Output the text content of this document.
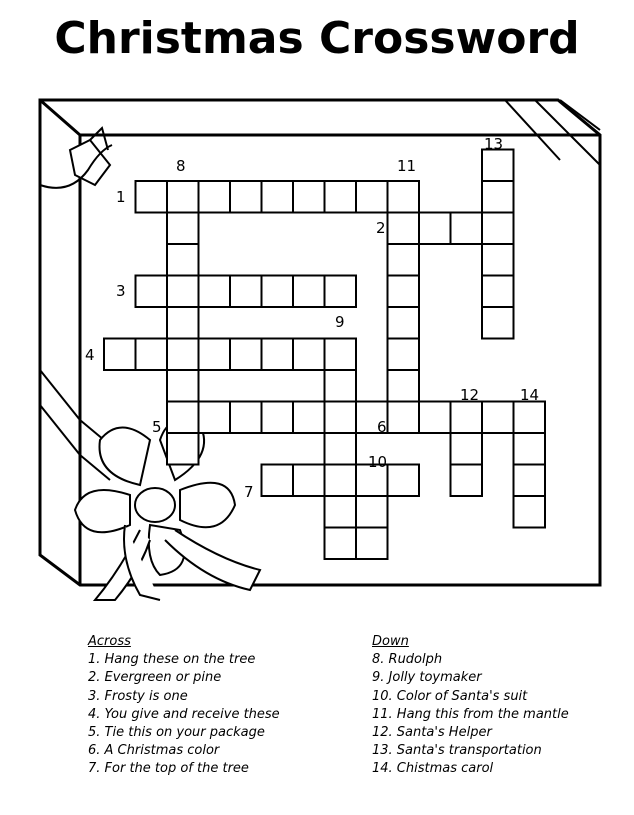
Christmas Crossword
1
2
3
4
5	6
7
8
9
10
11
12
13
14
Across
1. Hang these on the tree
2. Evergreen or pine
3. Frosty is one
4. You give and receive these
5. Tie this on your package
6. A Christmas color
7. For the top of the tree
Down
8. Rudolph
9. Jolly toymaker
10. Color of Santa's suit
11. Hang this from the mantle
12. Santa's Helper
13. Santa's transportation
14. Chistmas carol
